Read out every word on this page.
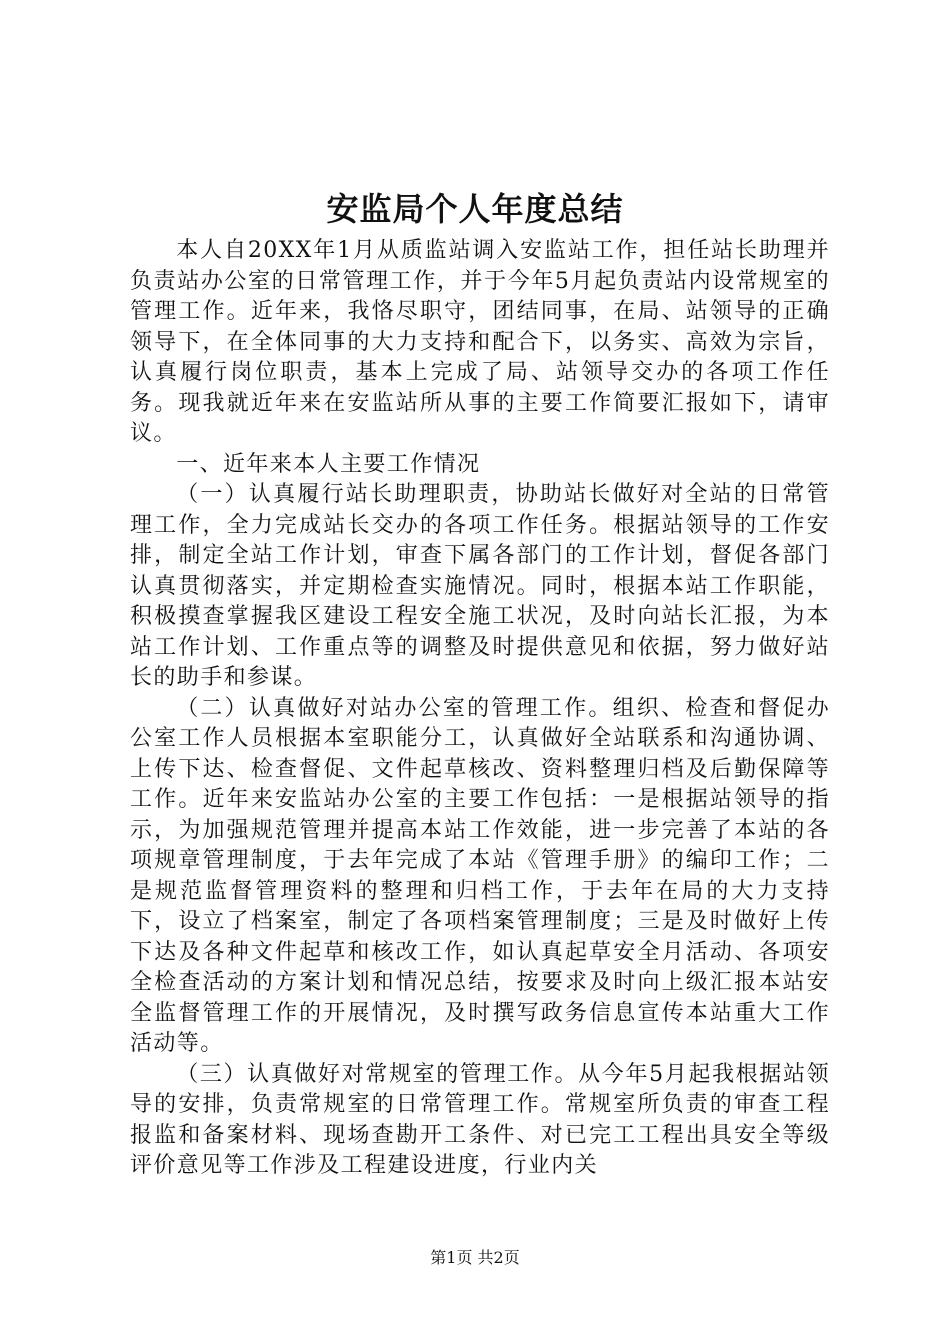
安监局个人年度总结

本人自20XX年1月从质监站调入安监站工作，担任站长助理并负责站办公室的日常管理工作，并于今年5月起负责站内设常规室的管理工作。近年来，我恪尽职守，团结同事，在局、站领导的正确领导下，在全体同事的大力支持和配合下，以务实、高效为宗旨，认真履行岗位职责，基本上完成了局、站领导交办的各项工作任务。现我就近年来在安监站所从事的主要工作简要汇报如下，请审议。

一、近年来本人主要工作情况

（一）认真履行站长助理职责，协助站长做好对全站的日常管理工作，全力完成站长交办的各项工作任务。根据站领导的工作安排，制定全站工作计划，审查下属各部门的工作计划，督促各部门认真贯彻落实，并定期检查实施情况。同时，根据本站工作职能，积极摸查掌握我区建设工程安全施工状况，及时向站长汇报，为本站工作计划、工作重点等的调整及时提供意见和依据，努力做好站长的助手和参谋。

（二）认真做好对站办公室的管理工作。组织、检查和督促办公室工作人员根据本室职能分工，认真做好全站联系和沟通协调、上传下达、检查督促、文件起草核改、资料整理归档及后勤保障等工作。近年来安监站办公室的主要工作包括：一是根据站领导的指示，为加强规范管理并提高本站工作效能，进一步完善了本站的各项规章管理制度，于去年完成了本站《管理手册》的编印工作；二是规范监督管理资料的整理和归档工作，于去年在局的大力支持下，设立了档案室，制定了各项档案管理制度；三是及时做好上传下达及各种文件起草和核改工作，如认真起草安全月活动、各项安全检查活动的方案计划和情况总结，按要求及时向上级汇报本站安全监督管理工作的开展情况，及时撰写政务信息宣传本站重大工作活动等。

（三）认真做好对常规室的管理工作。从今年5月起我根据站领导的安排，负责常规室的日常管理工作。常规室所负责的审查工程报监和备案材料、现场查勘开工条件、对已完工工程出具安全等级评价意见等工作涉及工程建设进度，行业内关

第1页 共2页
